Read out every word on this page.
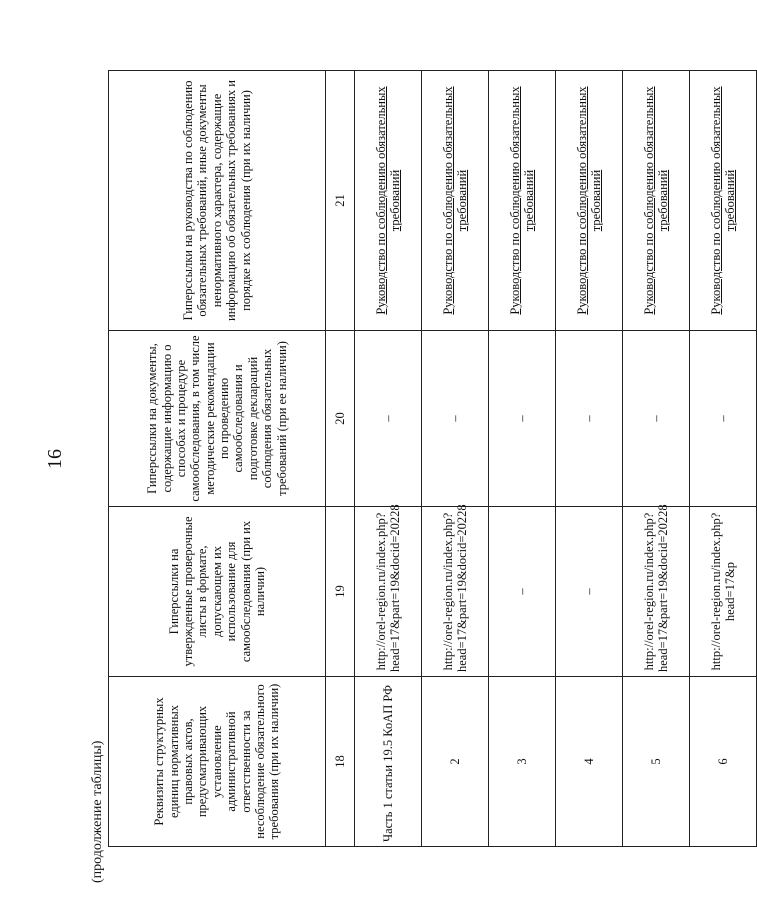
16
(продолжение таблицы)	Реквизиты структурных единиц нормативных правовых актов, предусматривающих установление административной ответственности за несоблюдение обязательного требования (при их наличии)	Гиперссылки на утвержденные проверочные листы в формате, допускающем их использование для самообследования (при их наличии)	Гиперссылки на документы, содержащие информацию о способах и процедуре самообследования, в том числе методические рекомендации по проведению самообследования и подготовке деклараций соблюдения обязательных требований (при ее наличии)	Гиперссылки на руководства по соблюдению обязательных требований, иные документы ненормативного характера, содержащие информацию об обязательных требованиях и порядке их соблюдения (при их наличии)
18	19	20	21
Часть 1 статьи 19.5 КоАП РФ	http://orel-region.ru/index.php?head=17&part=19&docid=20228	–	Руководство по соблюдению обязательных требований
2	http://orel-region.ru/index.php?head=17&part=19&docid=20228	–	Руководство по соблюдению обязательных требований
3	–	–	Руководство по соблюдению обязательных требований
4	–	–	Руководство по соблюдению обязательных требований
5	http://orel-region.ru/index.php?head=17&part=19&docid=20228	–	Руководство по соблюдению обязательных требований
6	http://orel-region.ru/index.php?head=17&p	–	Руководство по соблюдению обязательных требований
